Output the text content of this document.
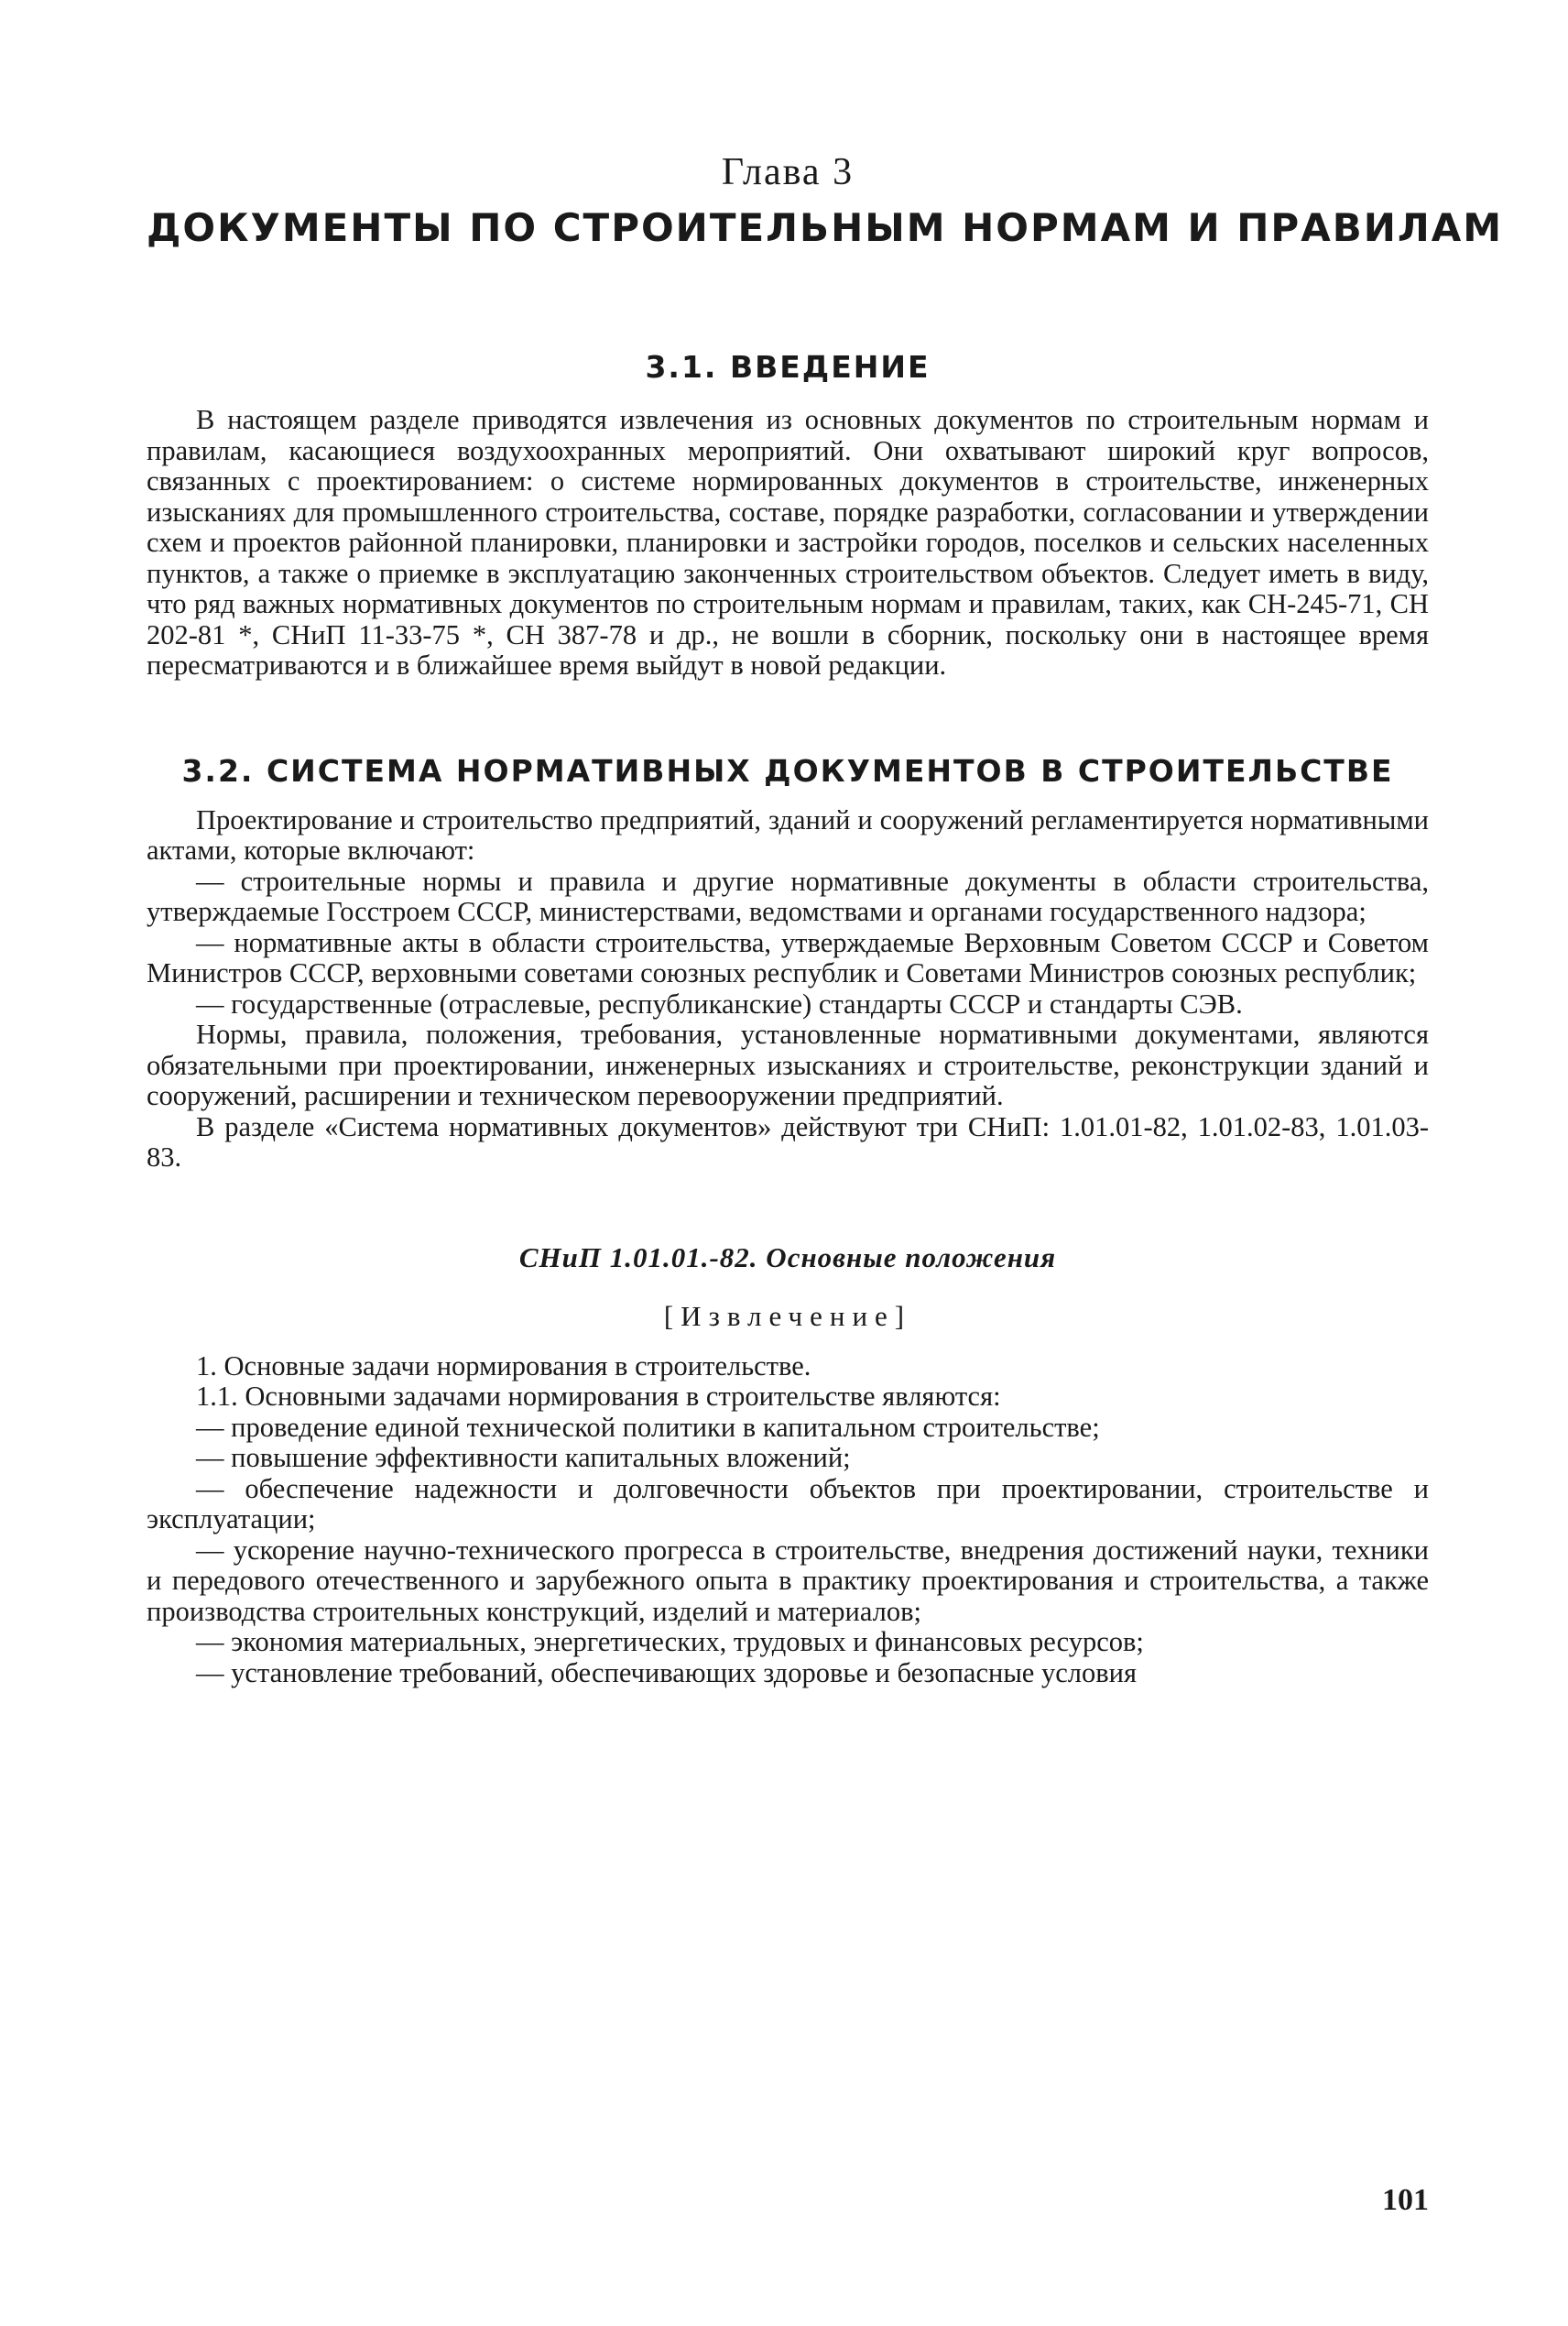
Глава 3
ДОКУМЕНТЫ ПО СТРОИТЕЛЬНЫМ НОРМАМ И ПРАВИЛАМ
3.1. ВВЕДЕНИЕ

В настоящем разделе приводятся извлечения из основных документов по строительным нормам и правилам, касающиеся воздухоохранных мероприятий. Они охватывают широкий круг вопросов, связанных с проектированием: о системе нормированных документов в строительстве, инженерных изысканиях для промышленного строительства, составе, порядке разработки, согласовании и утверждении схем и проектов районной планировки, планировки и застройки городов, поселков и сельских населенных пунктов, а также о приемке в эксплуатацию законченных строительством объектов. Следует иметь в виду, что ряд важных нормативных документов по строительным нормам и правилам, таких, как СН-245-71, СН 202-81 *, СНиП 11-33-75 *, СН 387-78 и др., не вошли в сборник, поскольку они в настоящее время пересматриваются и в ближайшее время выйдут в новой редакции.

3.2. СИСТЕМА НОРМАТИВНЫХ ДОКУМЕНТОВ В СТРОИТЕЛЬСТВЕ

Проектирование и строительство предприятий, зданий и сооружений регламентируется нормативными актами, которые включают:

— строительные нормы и правила и другие нормативные документы в области строительства, утверждаемые Госстроем СССР, министерствами, ведомствами и органами государственного надзора;

— нормативные акты в области строительства, утверждаемые Верховным Советом СССР и Советом Министров СССР, верховными советами союзных республик и Советами Министров союзных республик;

— государственные (отраслевые, республиканские) стандарты СССР и стандарты СЭВ.

Нормы, правила, положения, требования, установленные нормативными документами, являются обязательными при проектировании, инженерных изысканиях и строительстве, реконструкции зданий и сооружений, расширении и техническом перевооружении предприятий.

В разделе «Система нормативных документов» действуют три СНиП: 1.01.01-82, 1.01.02-83, 1.01.03-83.

СНиП 1.01.01.-82. Основные положения
[Извлечение]

1. Основные задачи нормирования в строительстве.

1.1. Основными задачами нормирования в строительстве являются:

— проведение единой технической политики в капитальном строительстве;

— повышение эффективности капитальных вложений;

— обеспечение надежности и долговечности объектов при проектировании, строительстве и эксплуатации;

— ускорение научно-технического прогресса в строительстве, внедрения достижений науки, техники и передового отечественного и зарубежного опыта в практику проектирования и строительства, а также производства строительных конструкций, изделий и материалов;

— экономия материальных, энергетических, трудовых и финансовых ресурсов;

— установление требований, обеспечивающих здоровье и безопасные условия

101
